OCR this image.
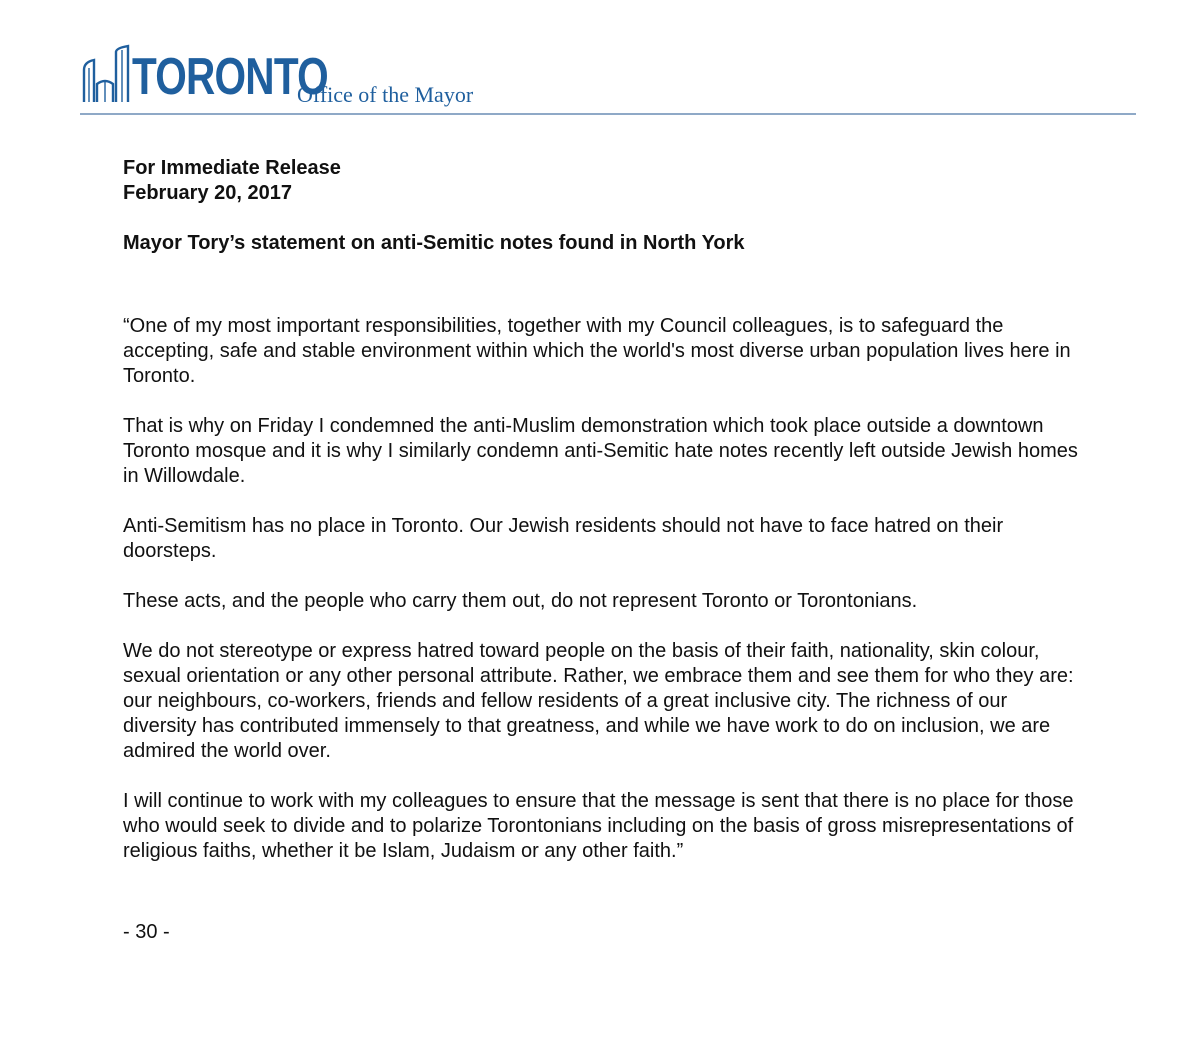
TORONTO
Office of the Mayor

For Immediate Release

February 20, 2017

Mayor Tory’s statement on anti-Semitic notes found in North York

“One of my most important responsibilities, together with my Council colleagues, is to safeguard the accepting, safe and stable environment within which the world's most diverse urban population lives here in Toronto.

That is why on Friday I condemned the anti-Muslim demonstration which took place outside a downtown Toronto mosque and it is why I similarly condemn anti-Semitic hate notes recently left outside Jewish homes in Willowdale.

Anti-Semitism has no place in Toronto. Our Jewish residents should not have to face hatred on their doorsteps.

These acts, and the people who carry them out, do not represent Toronto or Torontonians.

We do not stereotype or express hatred toward people on the basis of their faith, nationality, skin colour, sexual orientation or any other personal attribute. Rather, we embrace them and see them for who they are: our neighbours, co-workers, friends and fellow residents of a great inclusive city. The richness of our diversity has contributed immensely to that greatness, and while we have work to do on inclusion, we are admired the world over.

I will continue to work with my colleagues to ensure that the message is sent that there is no place for those who would seek to divide and to polarize Torontonians including on the basis of gross misrepresentations of religious faiths, whether it be Islam, Judaism or any other faith.”

- 30 -
